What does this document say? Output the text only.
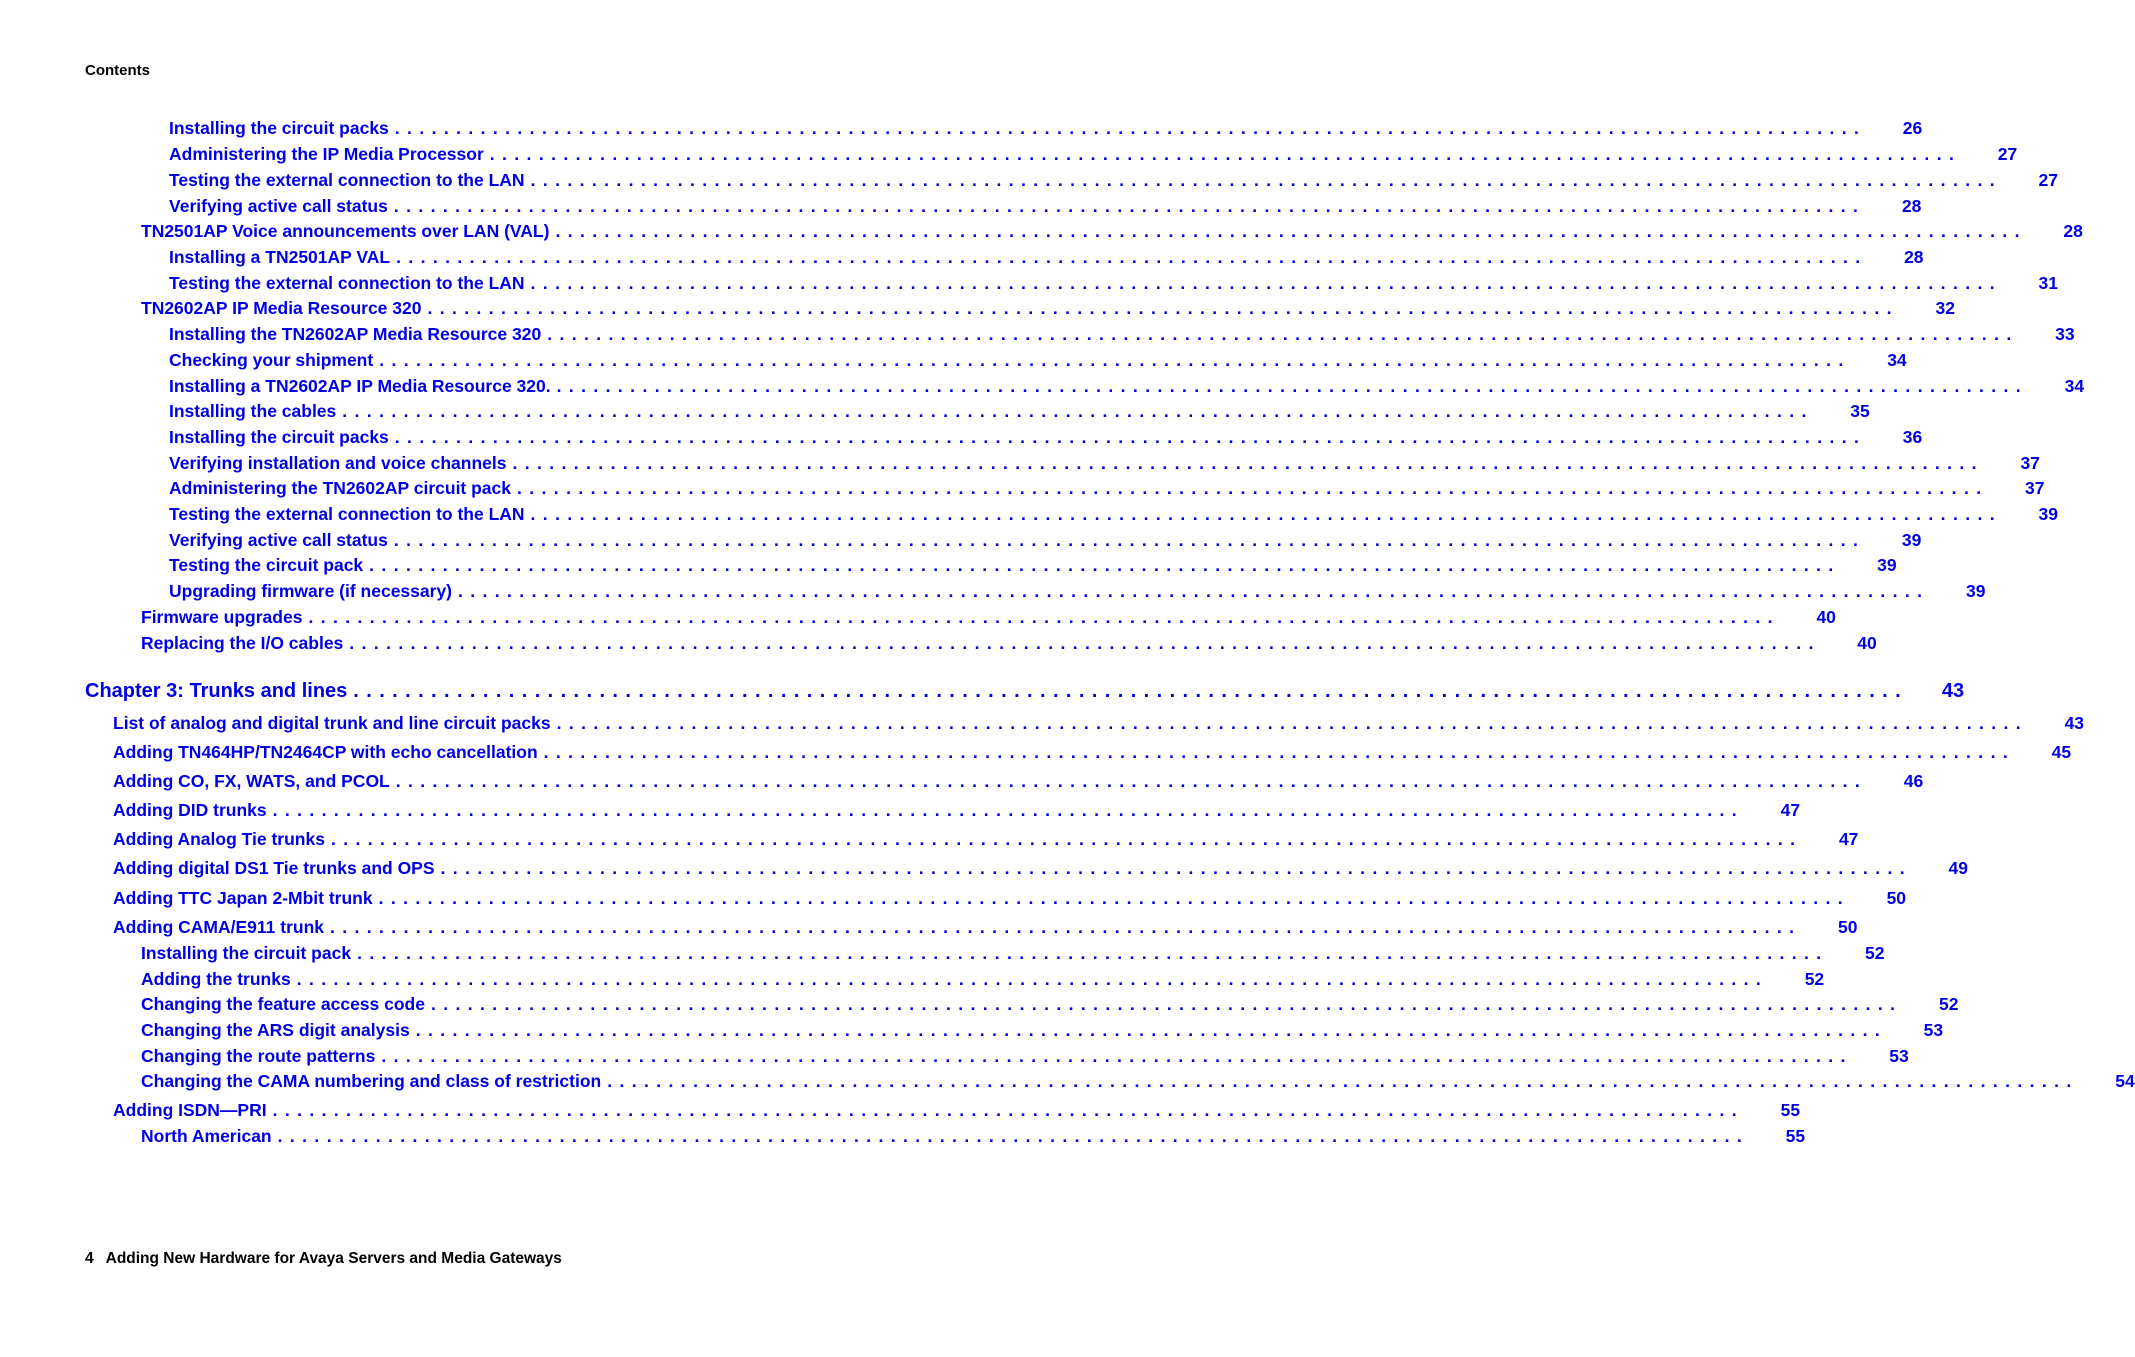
Contents
Installing the circuit packs ........................................................................................................................	26
Administering the IP Media Processor ........................................................................................................................	27
Testing the external connection to the LAN ........................................................................................................................	27
Verifying active call status ........................................................................................................................	28
TN2501AP Voice announcements over LAN (VAL) ........................................................................................................................	28
Installing a TN2501AP VAL ........................................................................................................................	28
Testing the external connection to the LAN ........................................................................................................................	31
TN2602AP IP Media Resource 320 ........................................................................................................................	32
Installing the TN2602AP Media Resource 320 ........................................................................................................................	33
Checking your shipment ........................................................................................................................	34
Installing a TN2602AP IP Media Resource 320. ........................................................................................................................	34
Installing the cables ........................................................................................................................	35
Installing the circuit packs ........................................................................................................................	36
Verifying installation and voice channels ........................................................................................................................	37
Administering the TN2602AP circuit pack ........................................................................................................................	37
Testing the external connection to the LAN ........................................................................................................................	39
Verifying active call status ........................................................................................................................	39
Testing the circuit pack ........................................................................................................................	39
Upgrading firmware (if necessary) ........................................................................................................................	39
Firmware upgrades ........................................................................................................................	40
Replacing the I/O cables ........................................................................................................................	40
Chapter 3: Trunks and lines ........................................................................................................................	43
List of analog and digital trunk and line circuit packs ........................................................................................................................	43
Adding TN464HP/TN2464CP with echo cancellation ........................................................................................................................	45
Adding CO, FX, WATS, and PCOL ........................................................................................................................	46
Adding DID trunks ........................................................................................................................	47
Adding Analog Tie trunks ........................................................................................................................	47
Adding digital DS1 Tie trunks and OPS ........................................................................................................................	49
Adding TTC Japan 2-Mbit trunk ........................................................................................................................	50
Adding CAMA/E911 trunk ........................................................................................................................	50
Installing the circuit pack ........................................................................................................................	52
Adding the trunks ........................................................................................................................	52
Changing the feature access code ........................................................................................................................	52
Changing the ARS digit analysis ........................................................................................................................	53
Changing the route patterns ........................................................................................................................	53
Changing the CAMA numbering and class of restriction ........................................................................................................................	54
Adding ISDN—PRI ........................................................................................................................	55
North American ........................................................................................................................	55
4 Adding New Hardware for Avaya Servers and Media Gateways
